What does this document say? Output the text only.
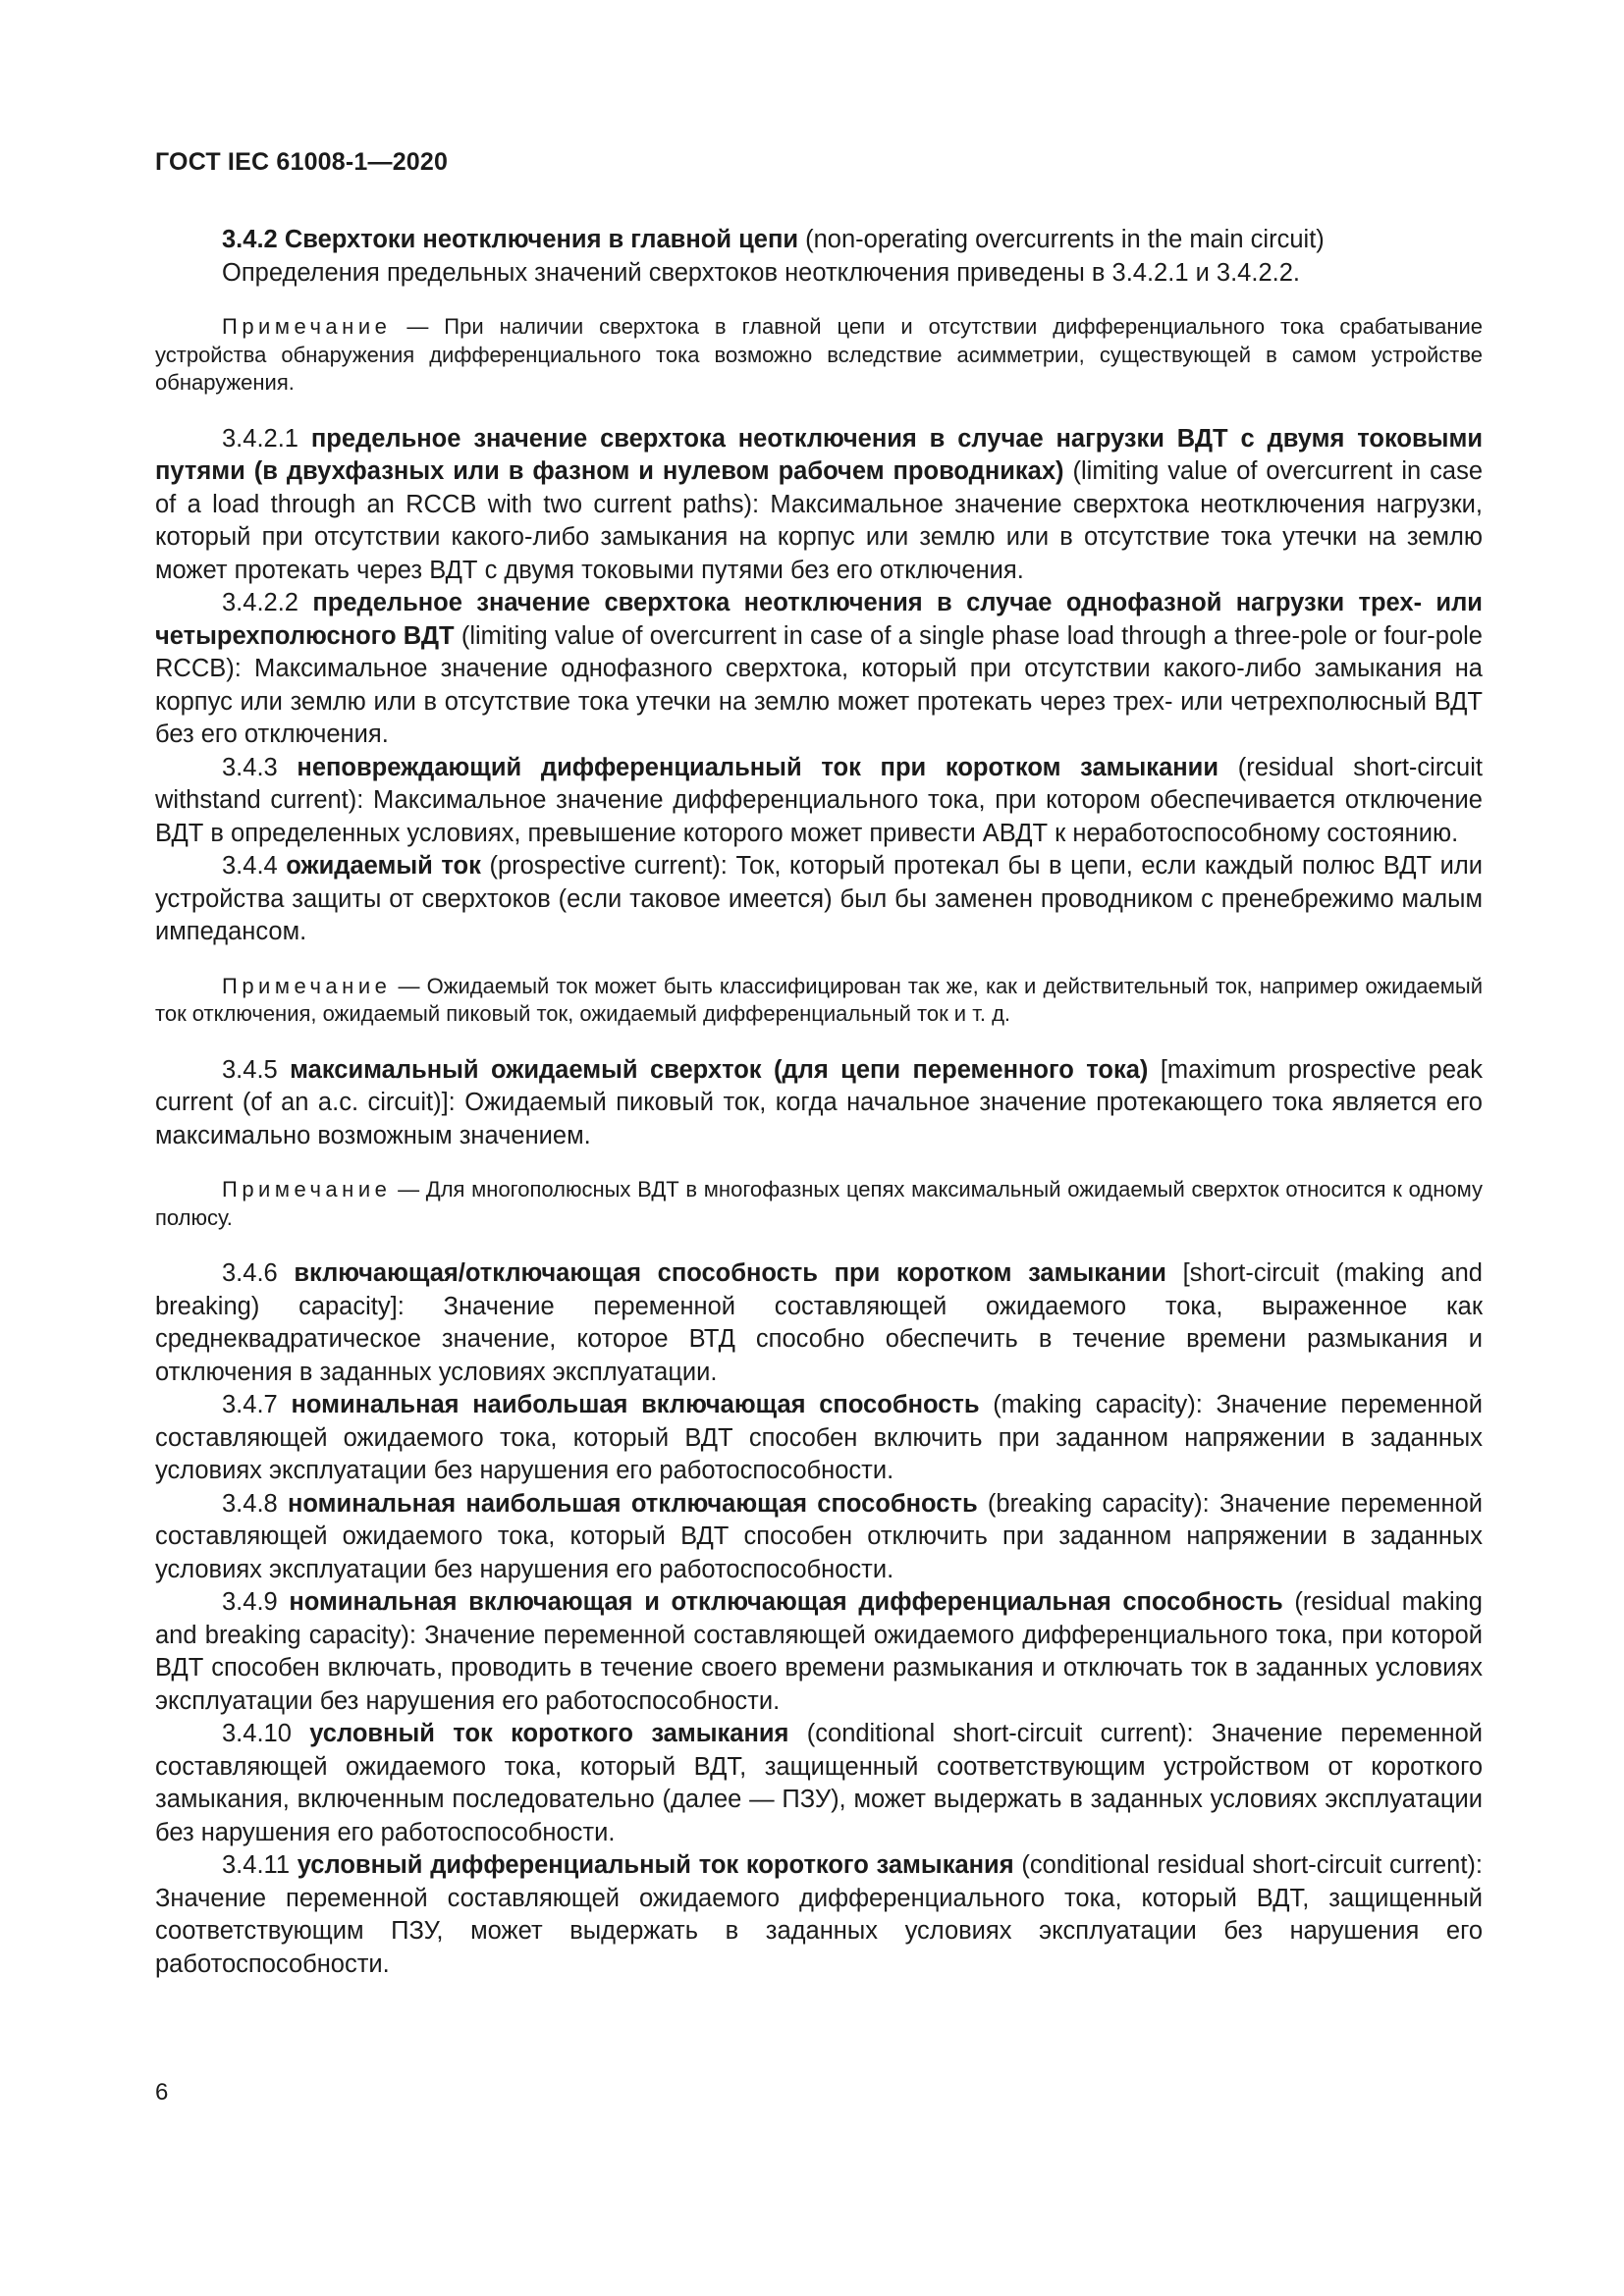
ГОСТ IEC 61008-1—2020

3.4.2 Сверхтоки неотключения в главной цепи (non-operating overcurrents in the main circuit)

Определения предельных значений сверхтоков неотключения приведены в 3.4.2.1 и 3.4.2.2.

Примечание — При наличии сверхтока в главной цепи и отсутствии дифференциального тока срабатывание устройства обнаружения дифференциального тока возможно вследствие асимметрии, существующей в самом устройстве обнаружения.

3.4.2.1 предельное значение сверхтока неотключения в случае нагрузки ВДТ с двумя токовыми путями (в двухфазных или в фазном и нулевом рабочем проводниках) (limiting value of overcurrent in case of a load through an RCCB with two current paths): Максимальное значение сверхтока неотключения нагрузки, который при отсутствии какого-либо замыкания на корпус или землю или в отсутствие тока утечки на землю может протекать через ВДТ с двумя токовыми путями без его отключения.

3.4.2.2 предельное значение сверхтока неотключения в случае однофазной нагрузки трех- или четырехполюсного ВДТ (limiting value of overcurrent in case of a single phase load through a three-pole or four-pole RCCB): Максимальное значение однофазного сверхтока, который при отсутствии какого-либо замыкания на корпус или землю или в отсутствие тока утечки на землю может протекать через трех- или четрехполюсный ВДТ без его отключения.

3.4.3 неповреждающий дифференциальный ток при коротком замыкании (residual short-circuit withstand current): Максимальное значение дифференциального тока, при котором обеспечивается отключение ВДТ в определенных условиях, превышение которого может привести АВДТ к неработоспособному состоянию.

3.4.4 ожидаемый ток (prospective current): Ток, который протекал бы в цепи, если каждый полюс ВДТ или устройства защиты от сверхтоков (если таковое имеется) был бы заменен проводником с пренебрежимо малым импедансом.

Примечание — Ожидаемый ток может быть классифицирован так же, как и действительный ток, например ожидаемый ток отключения, ожидаемый пиковый ток, ожидаемый дифференциальный ток и т. д.

3.4.5 максимальный ожидаемый сверхток (для цепи переменного тока) [maximum prospective peak current (of an a.c. circuit)]: Ожидаемый пиковый ток, когда начальное значение протекающего тока является его максимально возможным значением.

Примечание — Для многополюсных ВДТ в многофазных цепях максимальный ожидаемый сверхток относится к одному полюсу.

3.4.6 включающая/отключающая способность при коротком замыкании [short-circuit (making and breaking) capacity]: Значение переменной составляющей ожидаемого тока, выраженное как среднеквадратическое значение, которое ВТД способно обеспечить в течение времени размыкания и отключения в заданных условиях эксплуатации.

3.4.7 номинальная наибольшая включающая способность (making capacity): Значение переменной составляющей ожидаемого тока, который ВДТ способен включить при заданном напряжении в заданных условиях эксплуатации без нарушения его работоспособности.

3.4.8 номинальная наибольшая отключающая способность (breaking capacity): Значение переменной составляющей ожидаемого тока, который ВДТ способен отключить при заданном напряжении в заданных условиях эксплуатации без нарушения его работоспособности.

3.4.9 номинальная включающая и отключающая дифференциальная способность (residual making and breaking capacity): Значение переменной составляющей ожидаемого дифференциального тока, при которой ВДТ способен включать, проводить в течение своего времени размыкания и отключать ток в заданных условиях эксплуатации без нарушения его работоспособности.

3.4.10 условный ток короткого замыкания (conditional short-circuit current): Значение переменной составляющей ожидаемого тока, который ВДТ, защищенный соответствующим устройством от короткого замыкания, включенным последовательно (далее — ПЗУ), может выдержать в заданных условиях эксплуатации без нарушения его работоспособности.

3.4.11 условный дифференциальный ток короткого замыкания (conditional residual short-circuit current): Значение переменной составляющей ожидаемого дифференциального тока, который ВДТ, защищенный соответствующим ПЗУ, может выдержать в заданных условиях эксплуатации без нарушения его работоспособности.

6
